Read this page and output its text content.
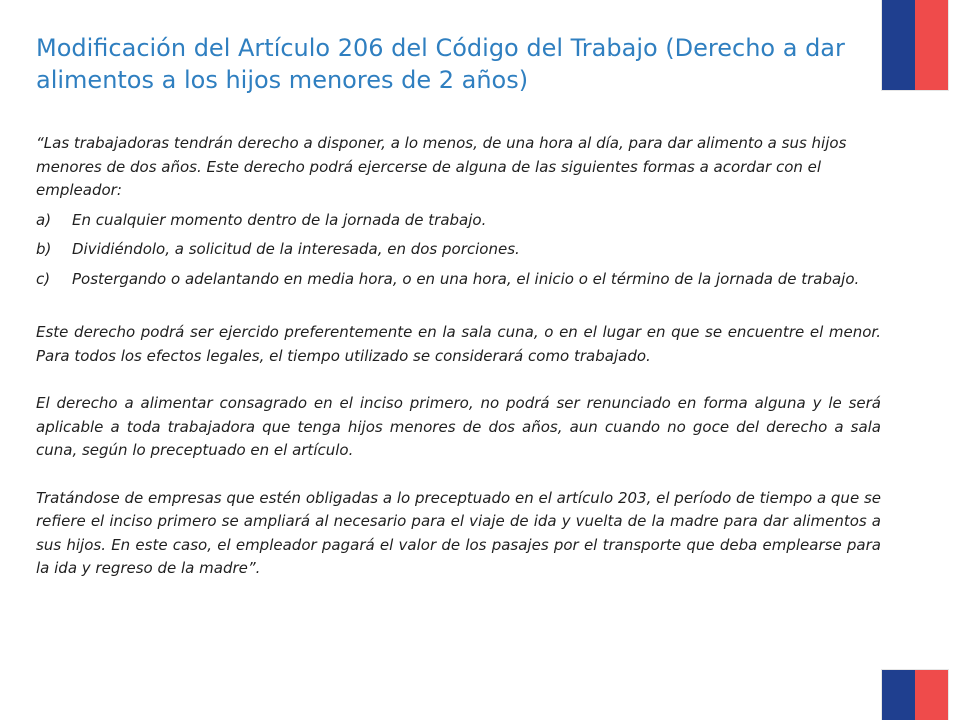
Modificación del Artículo 206 del Código del Trabajo (Derecho a dar alimentos a los hijos menores de 2 años)

“Las trabajadoras tendrán derecho a disponer, a lo menos, de una hora al día, para dar alimento a sus hijos menores de dos años. Este derecho podrá ejercerse de alguna de las siguientes formas a acordar con el empleador:

a)	En cualquier momento dentro de la jornada de trabajo.
b)	Dividiéndolo, a solicitud de la interesada, en dos porciones.
c)	Postergando o adelantando en media hora, o en una hora, el inicio o el término de la jornada de trabajo.

Este derecho podrá ser ejercido preferentemente en la sala cuna, o en el lugar en que se encuentre el menor. Para todos los efectos legales, el tiempo utilizado se considerará como trabajado.

El derecho a alimentar consagrado en el inciso primero, no podrá ser renunciado en forma alguna y le será aplicable a toda trabajadora que tenga hijos menores de dos años, aun cuando no goce del derecho a sala cuna, según lo preceptuado en el artículo.

Tratándose de empresas que estén obligadas a lo preceptuado en el artículo 203, el período de tiempo a que se refiere el inciso primero se ampliará al necesario para el viaje de ida y vuelta de la madre para dar alimentos a sus hijos. En este caso, el empleador pagará el valor de los pasajes por el transporte que deba emplearse para la ida y regreso de la madre”.
